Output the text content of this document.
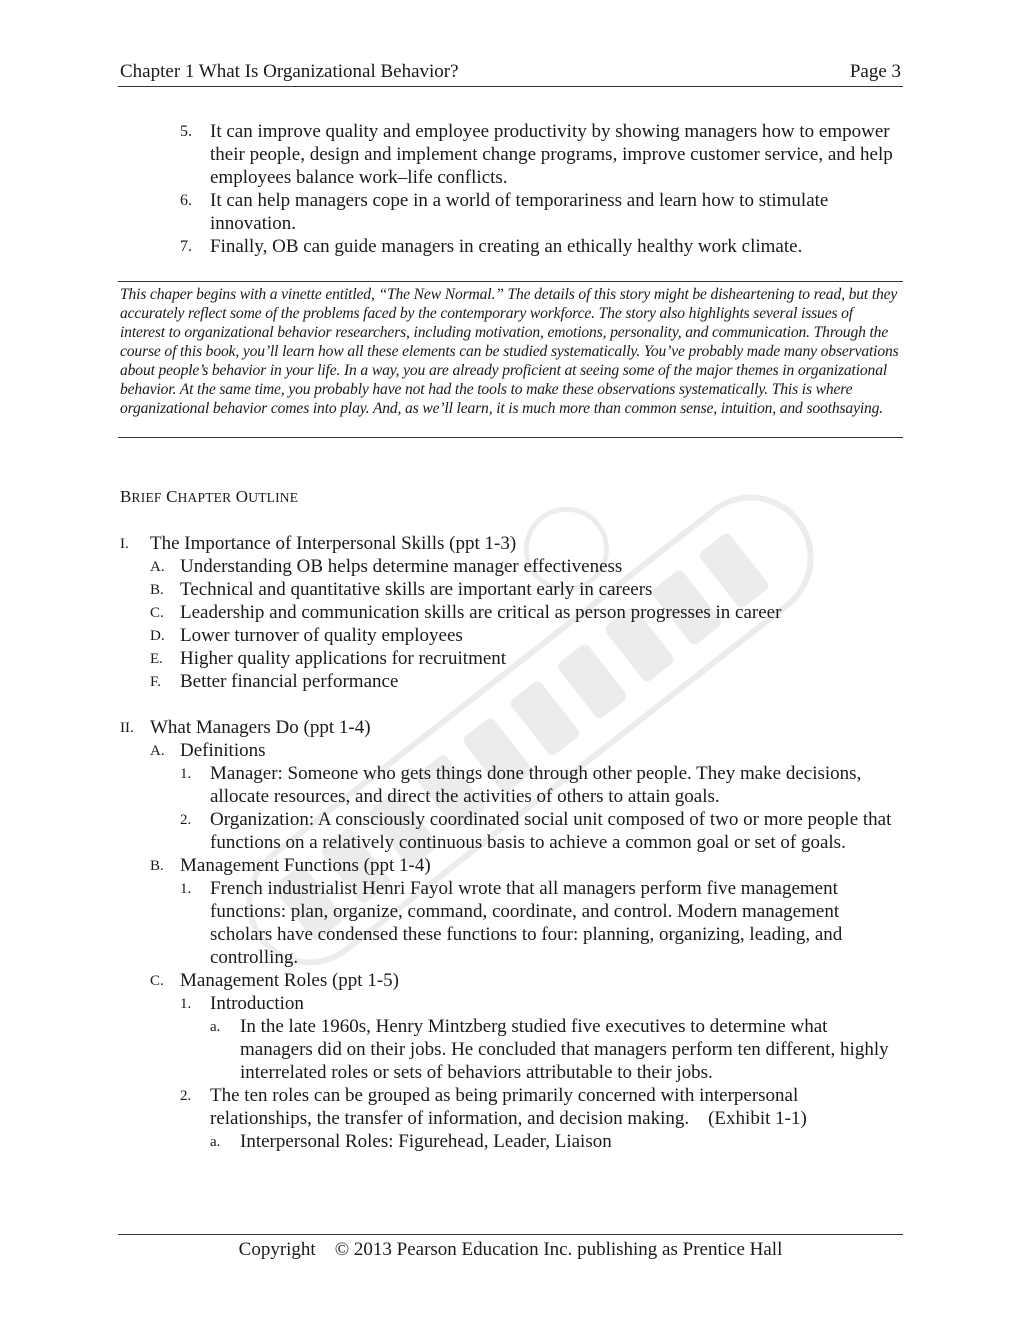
Chapter 1 What Is Organizational Behavior?	Page 3
5. It can improve quality and employee productivity by showing managers how to empower their people, design and implement change programs, improve customer service, and help employees balance work–life conflicts.
6. It can help managers cope in a world of temporariness and learn how to stimulate innovation.
7. Finally, OB can guide managers in creating an ethically healthy work climate.
This chaper begins with a vinette entitled, “The New Normal.” The details of this story might be disheartening to read, but they accurately reflect some of the problems faced by the contemporary workforce. The story also highlights several issues of interest to organizational behavior researchers, including motivation, emotions, personality, and communication. Through the course of this book, you’ll learn how all these elements can be studied systematically. You’ve probably made many observations about people’s behavior in your life. In a way, you are already proficient at seeing some of the major themes in organizational behavior. At the same time, you probably have not had the tools to make these observations systematically. This is where organizational behavior comes into play. And, as we’ll learn, it is much more than common sense, intuition, and soothsaying.
BRIEF CHAPTER OUTLINE
I.	The Importance of Interpersonal Skills (ppt 1-3)
A. Understanding OB helps determine manager effectiveness
B. Technical and quantitative skills are important early in careers
C. Leadership and communication skills are critical as person progresses in career
D. Lower turnover of quality employees
E. Higher quality applications for recruitment
F.	Better financial performance
II. What Managers Do (ppt 1-4)
A. Definitions
1. Manager: Someone who gets things done through other people. They make decisions, allocate resources, and direct the activities of others to attain goals.
2. Organization: A consciously coordinated social unit composed of two or more people that functions on a relatively continuous basis to achieve a common goal or set of goals.
B. Management Functions (ppt 1-4)
1. French industrialist Henri Fayol wrote that all managers perform five management functions: plan, organize, command, coordinate, and control. Modern management scholars have condensed these functions to four: planning, organizing, leading, and controlling.
C. Management Roles (ppt 1-5)
1. Introduction
a.	In the late 1960s, Henry Mintzberg studied five executives to determine what managers did on their jobs. He concluded that managers perform ten different, highly interrelated roles or sets of behaviors attributable to their jobs.
2. The ten roles can be grouped as being primarily concerned with interpersonal relationships, the transfer of information, and decision making.    (Exhibit 1-1)
a.	Interpersonal Roles: Figurehead, Leader, Liaison
Copyright    © 2013 Pearson Education Inc. publishing as Prentice Hall
